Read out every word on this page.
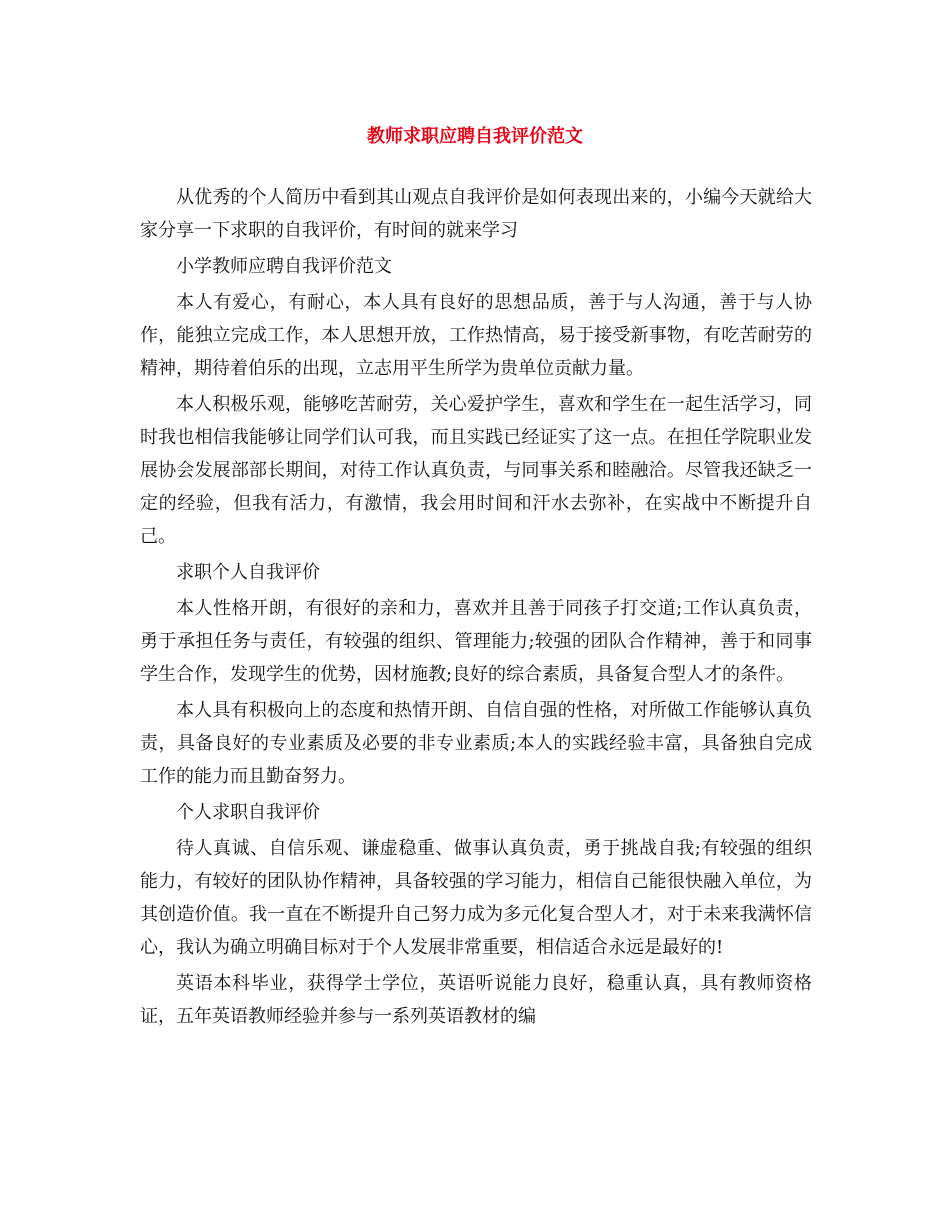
教师求职应聘自我评价范文

从优秀的个人简历中看到其山观点自我评价是如何表现出来的，小编今天就给大家分享一下求职的自我评价，有时间的就来学习

小学教师应聘自我评价范文

本人有爱心，有耐心，本人具有良好的思想品质，善于与人沟通，善于与人协作，能独立完成工作，本人思想开放，工作热情高，易于接受新事物，有吃苦耐劳的精神，期待着伯乐的出现，立志用平生所学为贵单位贡献力量。

本人积极乐观，能够吃苦耐劳，关心爱护学生，喜欢和学生在一起生活学习，同时我也相信我能够让同学们认可我，而且实践已经证实了这一点。在担任学院职业发展协会发展部部长期间，对待工作认真负责，与同事关系和睦融洽。尽管我还缺乏一定的经验，但我有活力，有激情，我会用时间和汗水去弥补，在实战中不断提升自己。

求职个人自我评价

本人性格开朗，有很好的亲和力，喜欢并且善于同孩子打交道;工作认真负责，勇于承担任务与责任，有较强的组织、管理能力;较强的团队合作精神，善于和同事学生合作，发现学生的优势，因材施教;良好的综合素质，具备复合型人才的条件。

本人具有积极向上的态度和热情开朗、自信自强的性格，对所做工作能够认真负责，具备良好的专业素质及必要的非专业素质;本人的实践经验丰富，具备独自完成工作的能力而且勤奋努力。

个人求职自我评价

待人真诚、自信乐观、谦虚稳重、做事认真负责，勇于挑战自我;有较强的组织能力，有较好的团队协作精神，具备较强的学习能力，相信自己能很快融入单位，为其创造价值。我一直在不断提升自己努力成为多元化复合型人才，对于未来我满怀信心，我认为确立明确目标对于个人发展非常重要，相信适合永远是最好的!

英语本科毕业，获得学士学位，英语听说能力良好，稳重认真，具有教师资格证，五年英语教师经验并参与一系列英语教材的编
